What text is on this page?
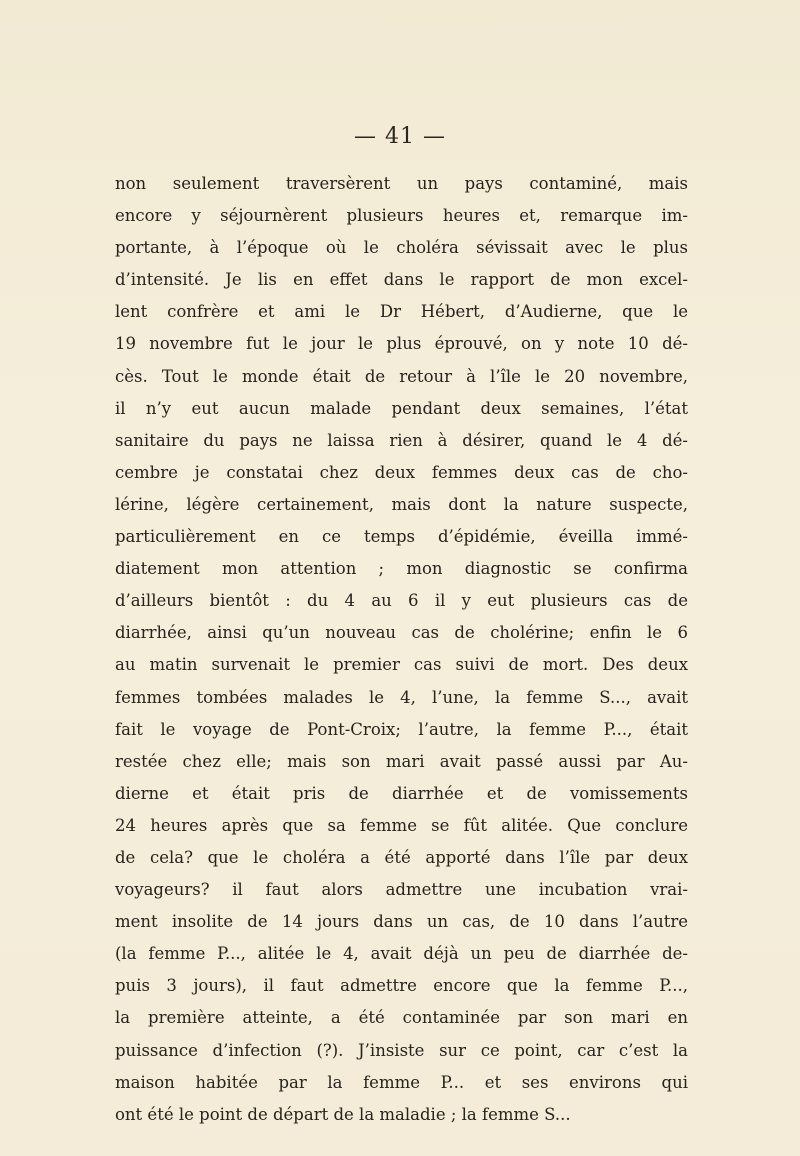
— 41 —
non seulement traversèrent un pays contaminé, mais
encore y séjournèrent plusieurs heures et, remarque im-
portante, à l’époque où le choléra sévissait avec le plus
d’intensité. Je lis en effet dans le rapport de mon excel-
lent confrère et ami le Dr Hébert, d’Audierne, que le
19 novembre fut le jour le plus éprouvé, on y note 10 dé-
cès. Tout le monde était de retour à l’île le 20 novembre,
il n’y eut aucun malade pendant deux semaines, l’état
sanitaire du pays ne laissa rien à désirer, quand le 4 dé-
cembre je constatai chez deux femmes deux cas de cho-
lérine, légère certainement, mais dont la nature suspecte,
particulièrement en ce temps d’épidémie, éveilla immé-
diatement mon attention ; mon diagnostic se confirma
d’ailleurs bientôt : du 4 au 6 il y eut plusieurs cas de
diarrhée, ainsi qu’un nouveau cas de cholérine; enfin le 6
au matin survenait le premier cas suivi de mort. Des deux
femmes tombées malades le 4, l’une, la femme S..., avait
fait le voyage de Pont-Croix; l’autre, la femme P..., était
restée chez elle; mais son mari avait passé aussi par Au-
dierne et était pris de diarrhée et de vomissements
24 heures après que sa femme se fût alitée. Que conclure
de cela? que le choléra a été apporté dans l’île par deux
voyageurs? il faut alors admettre une incubation vrai-
ment insolite de 14 jours dans un cas, de 10 dans l’autre
(la femme P..., alitée le 4, avait déjà un peu de diarrhée de-
puis 3 jours), il faut admettre encore que la femme P...,
la première atteinte, a été contaminée par son mari en
puissance d’infection (?). J’insiste sur ce point, car c’est la
maison habitée par la femme P... et ses environs qui
ont été le point de départ de la maladie ; la femme S...
